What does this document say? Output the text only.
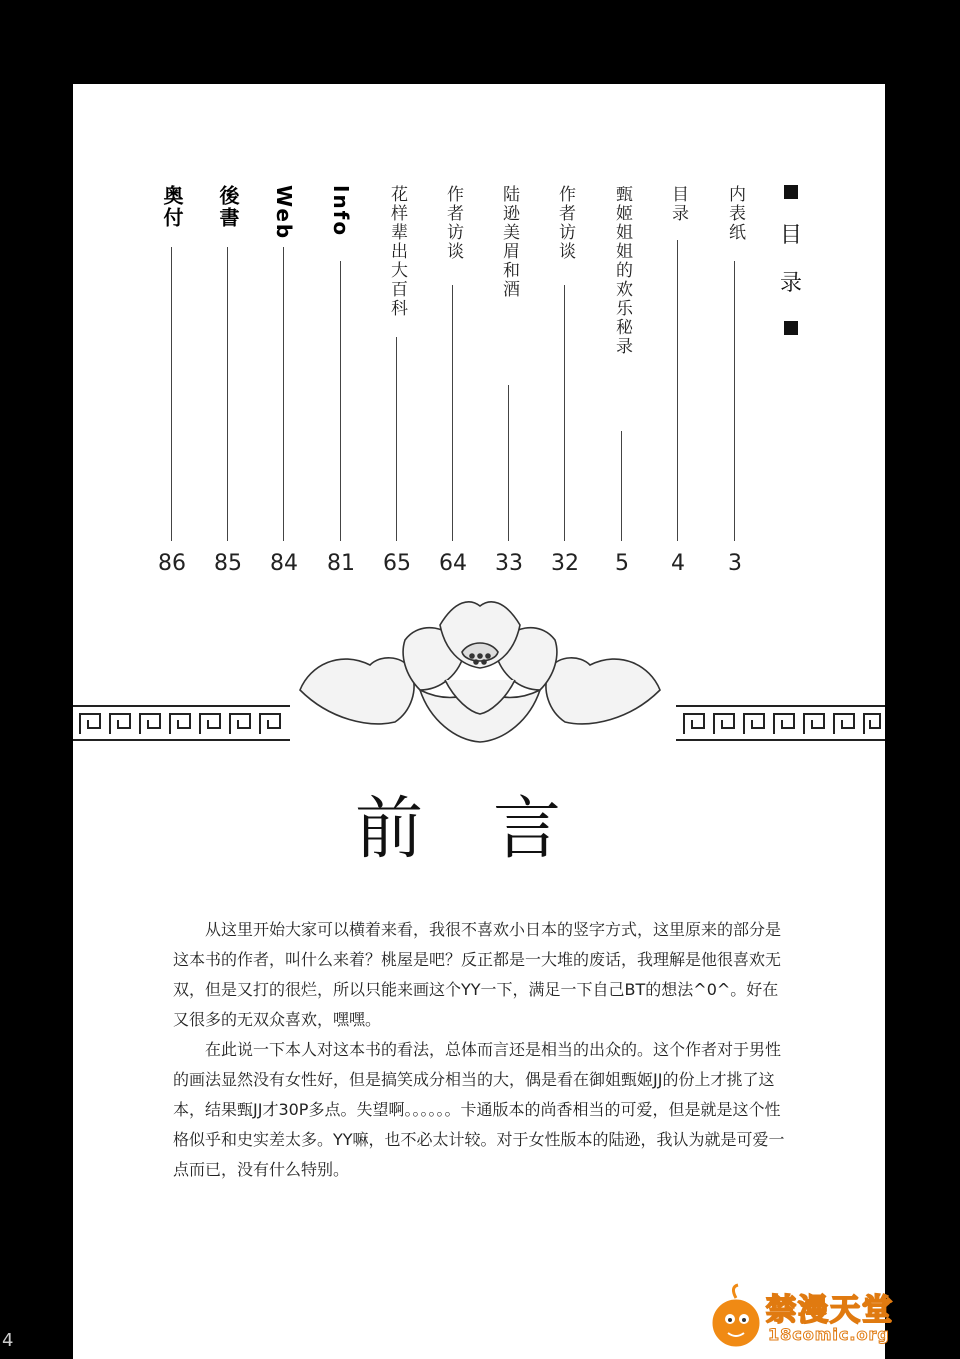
目
录
内表纸
3
目录
4
甄姬姐姐的欢乐秘录
5
作者访谈
32
陆逊美眉和酒
33
作者访谈
64
花样辈出大百科
65
Info
81
Web
84
後書
85
奥付
86
前言

从这里开始大家可以横着来看，我很不喜欢小日本的竖字方式，这里原来的部分是这本书的作者，叫什么来着？桃屋是吧？反正都是一大堆的废话，我理解是他很喜欢无双，但是又打的很烂，所以只能来画这个YY一下，满足一下自己BT的想法^0^。好在又很多的无双众喜欢，嘿嘿。

在此说一下本人对这本书的看法，总体而言还是相当的出众的。这个作者对于男性的画法显然没有女性好，但是搞笑成分相当的大，偶是看在御姐甄姬JJ的份上才挑了这本，结果甄JJ才30P多点。失望啊。。。。。。卡通版本的尚香相当的可爱，但是就是这个性格似乎和史实差太多。YY嘛，也不必太计较。对于女性版本的陆逊，我认为就是可爱一点而已，没有什么特别。

4
禁漫天堂
18comic.org
